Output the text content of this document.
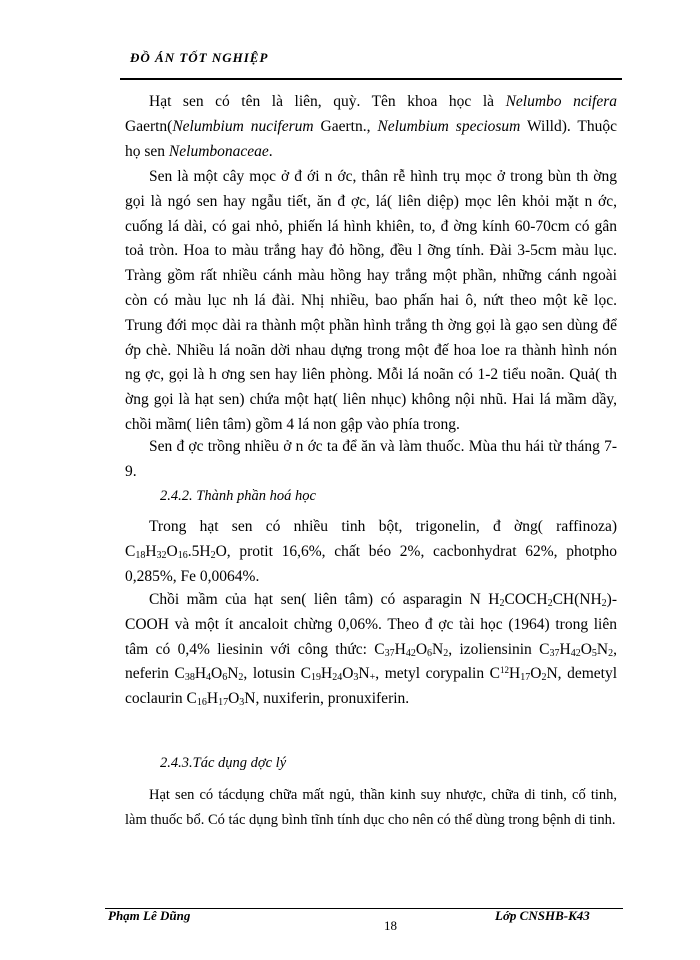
ĐỒ ÁN TỐT NGHIỆP
Hạt sen có tên là liên, quỳ. Tên khoa học là Nelumbo ncifera Gaertn(Nelumbium nuciferum Gaertn., Nelumbium speciosum Willd). Thuộc họ sen Nelumbonaceae.
Sen là một cây mọc ở đ ới n ớc, thân rễ hình trụ mọc ở trong bùn th ờng gọi là ngó sen hay ngẫu tiết, ăn đ ợc, lá( liên diệp) mọc lên khỏi mặt n ớc, cuống lá dài, có gai nhỏ, phiến lá hình khiên, to, đ ờng kính 60-70cm có gân toả tròn. Hoa to màu trắng hay đỏ hồng, đều l ỡng tính. Đài 3-5cm màu lục. Tràng gồm rất nhiều cánh màu hồng hay trắng một phần, những cánh ngoài còn có màu lục nh lá đài. Nhị nhiều, bao phấn hai ô, nứt theo một kẽ lọc. Trung đới mọc dài ra thành một phần hình trắng th ờng gọi là gạo sen dùng để ớp chè. Nhiều lá noãn dời nhau dựng trong một đế hoa loe ra thành hình nón ng ợc, gọi là h ơng sen hay liên phòng. Mỗi lá noãn có 1-2 tiểu noãn. Quả( th ờng gọi là hạt sen) chứa một hạt( liên nhục) không nội nhũ. Hai lá mầm dầy, chồi mầm( liên tâm) gồm 4 lá non gập vào phía trong.
Sen đ ợc trồng nhiều ở n ớc ta để ăn và làm thuốc. Mùa thu hái từ tháng 7-9.
2.4.2. Thành phần hoá học
Trong hạt sen có nhiều tinh bột, trigonelin, đ ờng( raffinoza) $C_{18}H_{32}O_{16}.5H_2O$, protit 16,6%, chất béo 2%, cacbonhydrat 62%, photpho 0,285%, Fe 0,0064%.
Chồi mầm của hạt sen( liên tâm) có asparagin N $H_2COCH_2CH(NH_2)$-COOH và một ít ancaloit chừng 0,06%. Theo đ ợc tài học (1964) trong liên tâm có 0,4% liesinin với công thức: $C_{37}H_{42}O_6N_2$, izoliensinin $C_{37}H_{42}O_5N_2$, neferin $C_{38}H_4O_6N_2$, lotusin $C_{19}H_{24}O_3N_+$, metyl corypalin $C^{12}H_{17}O_2N$, demetyl coclaurin $C_{16}H_{17}O_3N$, nuxiferin, pronuxiferin.
2.4.3.Tác dụng dợc lý
Hạt sen có tácdụng chữa mất ngủ, thần kinh suy nhược, chữa di tinh, cố tinh, làm thuốc bổ. Có tác dụng bình tĩnh tính dục cho nên có thể dùng trong bệnh di tinh.
Phạm Lê Dũng
18
Lớp CNSHB-K43
